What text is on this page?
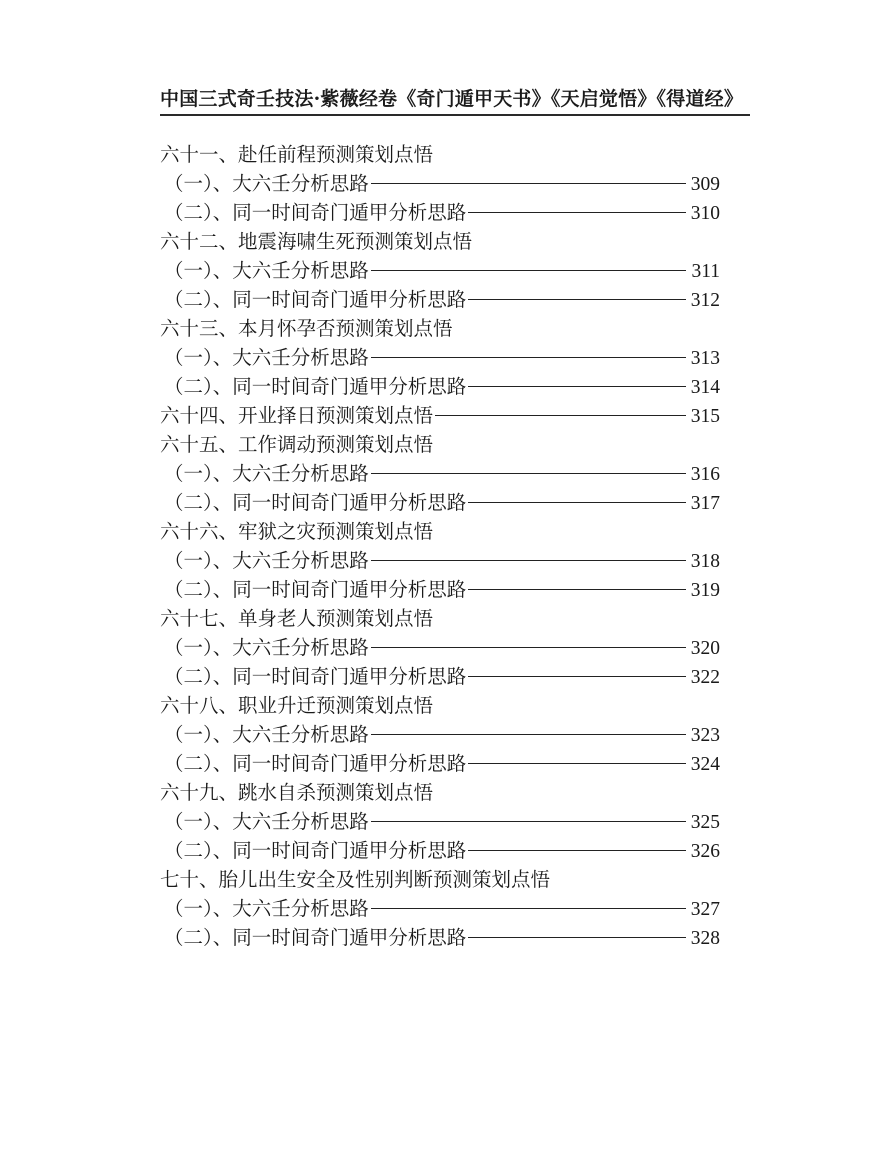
中国三式奇壬技法·紫薇经卷《奇门遁甲天书》《天启觉悟》《得道经》
六十一、赴任前程预测策划点悟
（一）、大六壬分析思路	309
（二）、同一时间奇门遁甲分析思路	310
六十二、地震海啸生死预测策划点悟
（一）、大六壬分析思路	311
（二）、同一时间奇门遁甲分析思路	312
六十三、本月怀孕否预测策划点悟
（一）、大六壬分析思路	313
（二）、同一时间奇门遁甲分析思路	314
六十四、开业择日预测策划点悟	315
六十五、工作调动预测策划点悟
（一）、大六壬分析思路	316
（二）、同一时间奇门遁甲分析思路	317
六十六、牢狱之灾预测策划点悟
（一）、大六壬分析思路	318
（二）、同一时间奇门遁甲分析思路	319
六十七、单身老人预测策划点悟
（一）、大六壬分析思路	320
（二）、同一时间奇门遁甲分析思路	322
六十八、职业升迁预测策划点悟
（一）、大六壬分析思路	323
（二）、同一时间奇门遁甲分析思路	324
六十九、跳水自杀预测策划点悟
（一）、大六壬分析思路	325
（二）、同一时间奇门遁甲分析思路	326
七十、胎儿出生安全及性别判断预测策划点悟
（一）、大六壬分析思路	327
（二）、同一时间奇门遁甲分析思路	328
